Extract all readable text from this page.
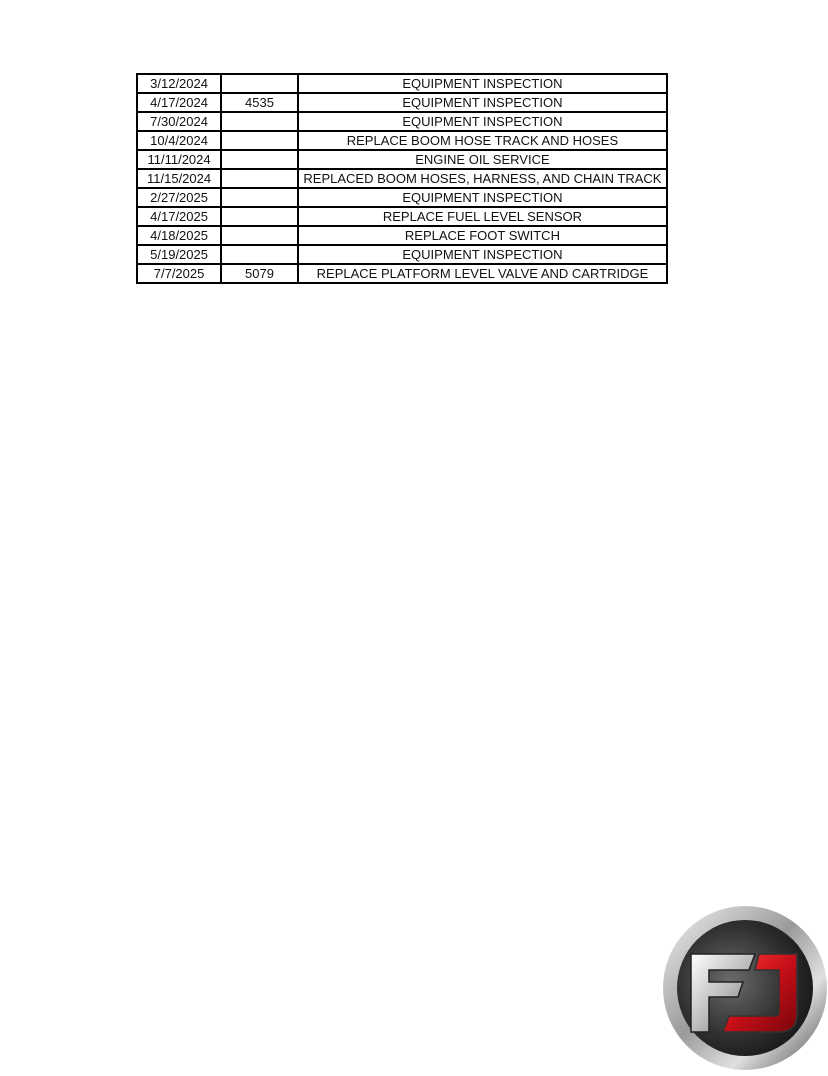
3/12/2024		EQUIPMENT INSPECTION
4/17/2024	4535	EQUIPMENT INSPECTION
7/30/2024		EQUIPMENT INSPECTION
10/4/2024		REPLACE BOOM HOSE TRACK AND HOSES
11/11/2024		ENGINE OIL SERVICE
11/15/2024		REPLACED BOOM HOSES, HARNESS, AND CHAIN TRACK
2/27/2025		EQUIPMENT INSPECTION
4/17/2025		REPLACE FUEL LEVEL SENSOR
4/18/2025		REPLACE FOOT SWITCH
5/19/2025		EQUIPMENT INSPECTION
7/7/2025	5079	REPLACE PLATFORM LEVEL VALVE AND CARTRIDGE
